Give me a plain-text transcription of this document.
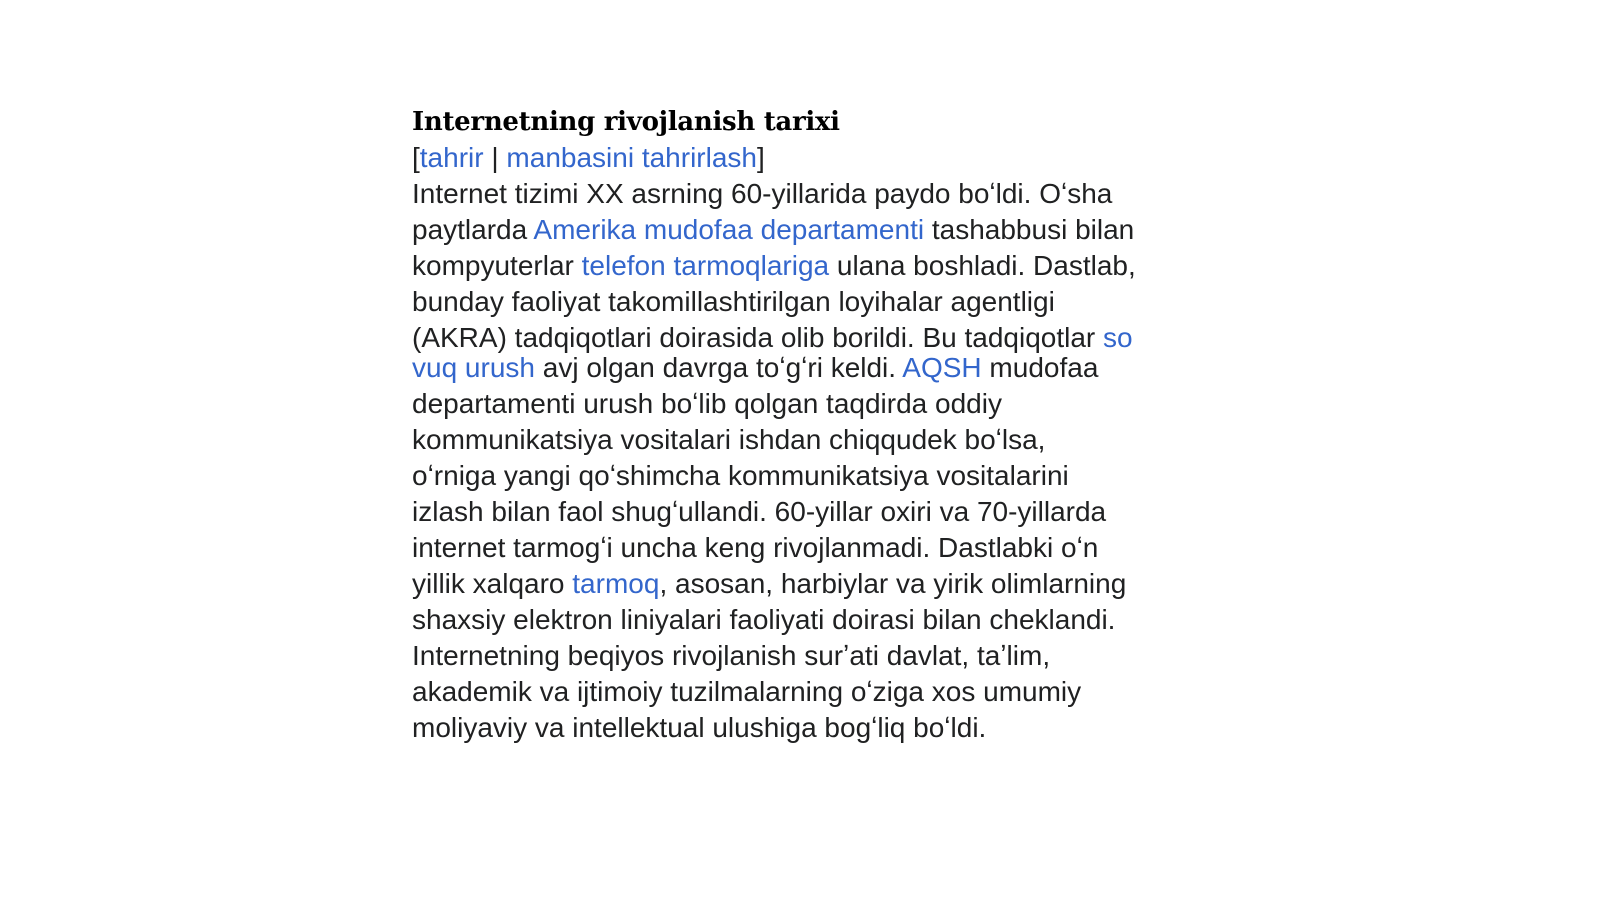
Internetning rivojlanish tarixi
[tahrir | manbasini tahrirlash]
Internet tizimi XX asrning 60-yillarida paydo boʻldi. Oʻsha
paytlarda Amerika mudofaa departamenti tashabbusi bilan
kompyuterlar telefon tarmoqlariga ulana boshladi. Dastlab,
bunday faoliyat takomillashtirilgan loyihalar agentligi
(AKRA) tadqiqotlari doirasida olib borildi. Bu tadqiqotlar so
vuq urush avj olgan davrga toʻgʻri keldi. AQSH mudofaa
departamenti urush boʻlib qolgan taqdirda oddiy
kommunikatsiya vositalari ishdan chiqqudek boʻlsa,
oʻrniga yangi qoʻshimcha kommunikatsiya vositalarini
izlash bilan faol shugʻullandi. 60-yillar oxiri va 70-yillarda
internet tarmogʻi uncha keng rivojlanmadi. Dastlabki oʻn
yillik xalqaro tarmoq, asosan, harbiylar va yirik olimlarning
shaxsiy elektron liniyalari faoliyati doirasi bilan cheklandi.
Internetning beqiyos rivojlanish surʼati davlat, taʼlim,
akademik va ijtimoiy tuzilmalarning oʻziga xos umumiy
moliyaviy va intellektual ulushiga bogʻliq boʻldi.
